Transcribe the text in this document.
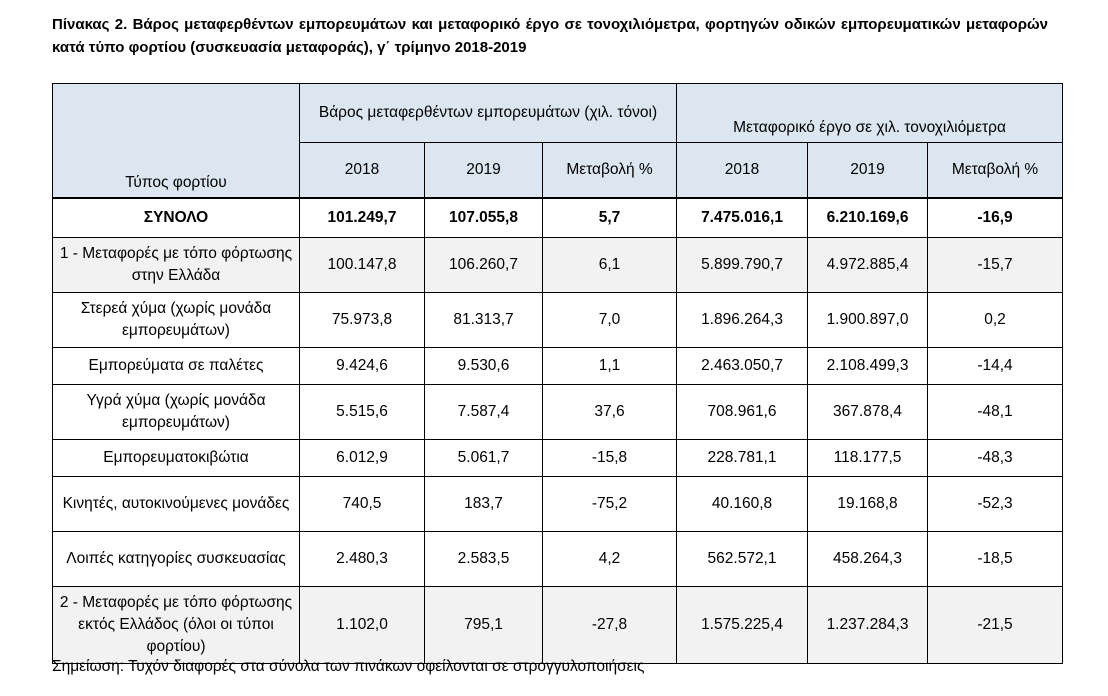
Πίνακας 2. Βάρος μεταφερθέντων εμπορευμάτων και μεταφορικό έργο σε τονοχιλιόμετρα, φορτηγών οδικών εμπορευματικών μεταφορών κατά τύπο φορτίου (συσκευασία μεταφοράς), γ΄ τρίμηνο 2018-2019
Τύπος φορτίου	Βάρος μεταφερθέντων εμπορευμάτων (χιλ. τόνοι)			Μεταφορικό έργο σε χιλ. τονοχιλιόμετρα		
	2018	2019	Μεταβολή %	2018	2019	Μεταβολή %
ΣΥΝΟΛΟ	101.249,7	107.055,8	5,7	7.475.016,1	6.210.169,6	-16,9
1 - Μεταφορές με τόπο φόρτωσης στην Ελλάδα	100.147,8	106.260,7	6,1	5.899.790,7	4.972.885,4	-15,7
Στερεά χύμα (χωρίς μονάδα εμπορευμάτων)	75.973,8	81.313,7	7,0	1.896.264,3	1.900.897,0	0,2
Εμπορεύματα σε παλέτες	9.424,6	9.530,6	1,1	2.463.050,7	2.108.499,3	-14,4
Υγρά χύμα (χωρίς μονάδα εμπορευμάτων)	5.515,6	7.587,4	37,6	708.961,6	367.878,4	-48,1
Εμπορευματοκιβώτια	6.012,9	5.061,7	-15,8	228.781,1	118.177,5	-48,3
Κινητές, αυτοκινούμενες μονάδες	740,5	183,7	-75,2	40.160,8	19.168,8	-52,3
Λοιπές κατηγορίες συσκευασίας	2.480,3	2.583,5	4,2	562.572,1	458.264,3	-18,5
2 - Μεταφορές με τόπο φόρτωσης εκτός Ελλάδος (όλοι οι τύποι φορτίου)	1.102,0	795,1	-27,8	1.575.225,4	1.237.284,3	-21,5
Σημείωση: Τυχόν διαφορές στα σύνολα των πινάκων οφείλονται σε στρογγυλοποιήσεις
